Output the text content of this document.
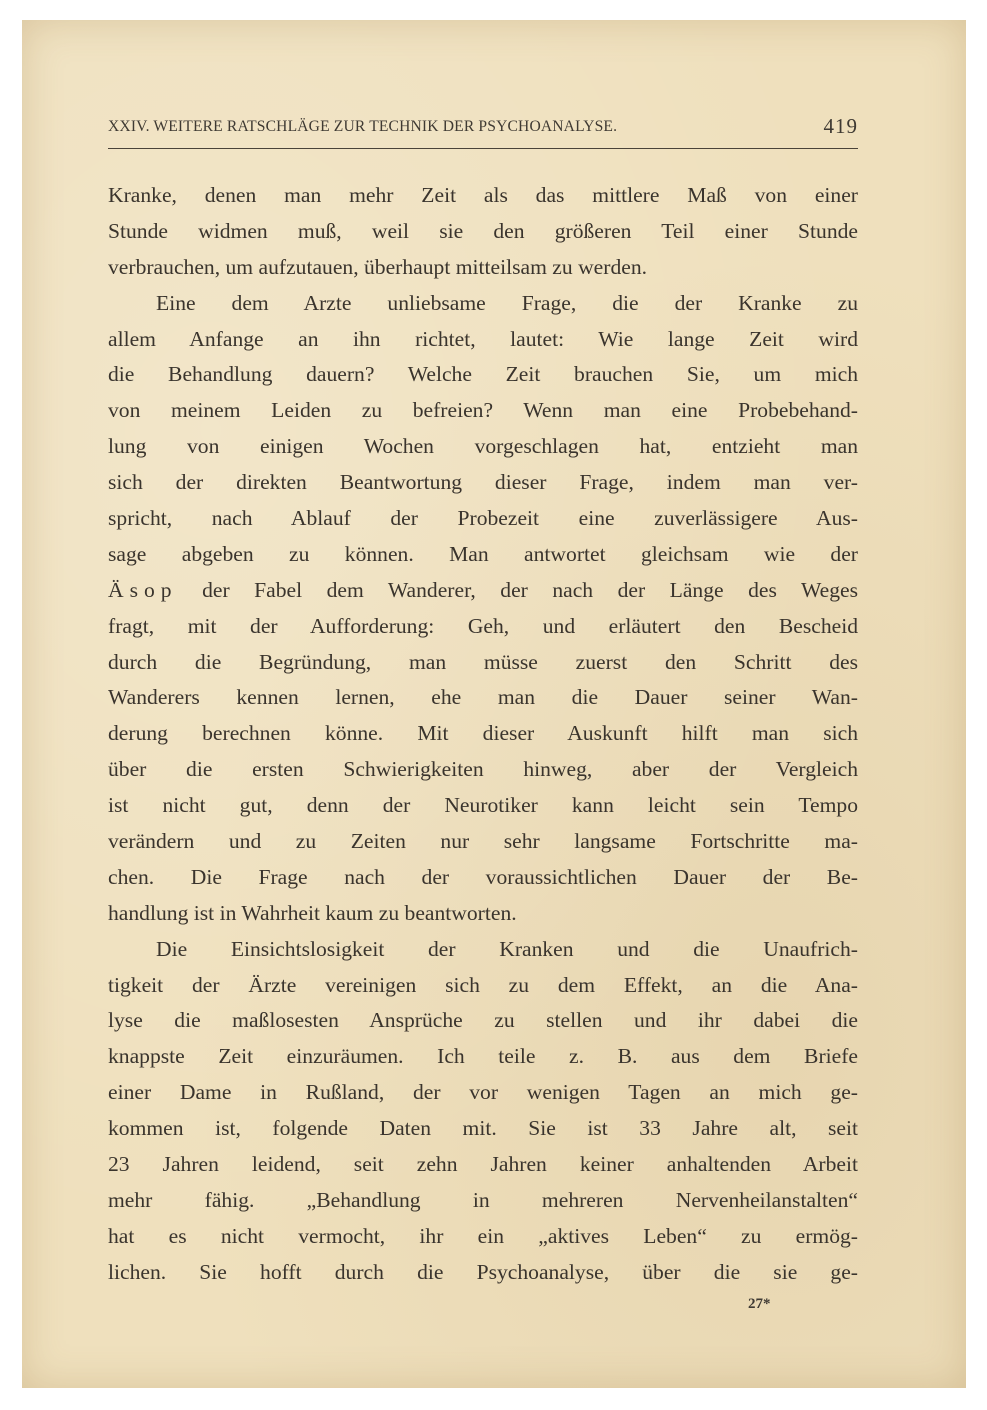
XXIV. WEITERE RATSCHLÄGE ZUR TECHNIK DER PSYCHOANALYSE.	419
Kranke, denen man mehr Zeit als das mittlere Maß von einer
Stunde widmen muß, weil sie den größeren Teil einer Stunde
verbrauchen, um aufzutauen, überhaupt mitteilsam zu werden.
Eine dem Arzte unliebsame Frage, die der Kranke zu
allem Anfange an ihn richtet, lautet: Wie lange Zeit wird
die Behandlung dauern? Welche Zeit brauchen Sie, um mich
von meinem Leiden zu befreien? Wenn man eine Probebehand-
lung von einigen Wochen vorgeschlagen hat, entzieht man
sich der direkten Beantwortung dieser Frage, indem man ver-
spricht, nach Ablauf der Probezeit eine zuverlässigere Aus-
sage abgeben zu können. Man antwortet gleichsam wie der
Äsop der Fabel dem Wanderer, der nach der Länge des Weges
fragt, mit der Aufforderung: Geh, und erläutert den Bescheid
durch die Begründung, man müsse zuerst den Schritt des
Wanderers kennen lernen, ehe man die Dauer seiner Wan-
derung berechnen könne. Mit dieser Auskunft hilft man sich
über die ersten Schwierigkeiten hinweg, aber der Vergleich
ist nicht gut, denn der Neurotiker kann leicht sein Tempo
verändern und zu Zeiten nur sehr langsame Fortschritte ma-
chen. Die Frage nach der voraussichtlichen Dauer der Be-
handlung ist in Wahrheit kaum zu beantworten.
Die Einsichtslosigkeit der Kranken und die Unaufrich-
tigkeit der Ärzte vereinigen sich zu dem Effekt, an die Ana-
lyse die maßlosesten Ansprüche zu stellen und ihr dabei die
knappste Zeit einzuräumen. Ich teile z. B. aus dem Briefe
einer Dame in Rußland, der vor wenigen Tagen an mich ge-
kommen ist, folgende Daten mit. Sie ist 33 Jahre alt, seit
23 Jahren leidend, seit zehn Jahren keiner anhaltenden Arbeit
mehr fähig. „Behandlung in mehreren Nervenheilanstalten“
hat es nicht vermocht, ihr ein „aktives Leben“ zu ermög-
lichen. Sie hofft durch die Psychoanalyse, über die sie ge-
27*
